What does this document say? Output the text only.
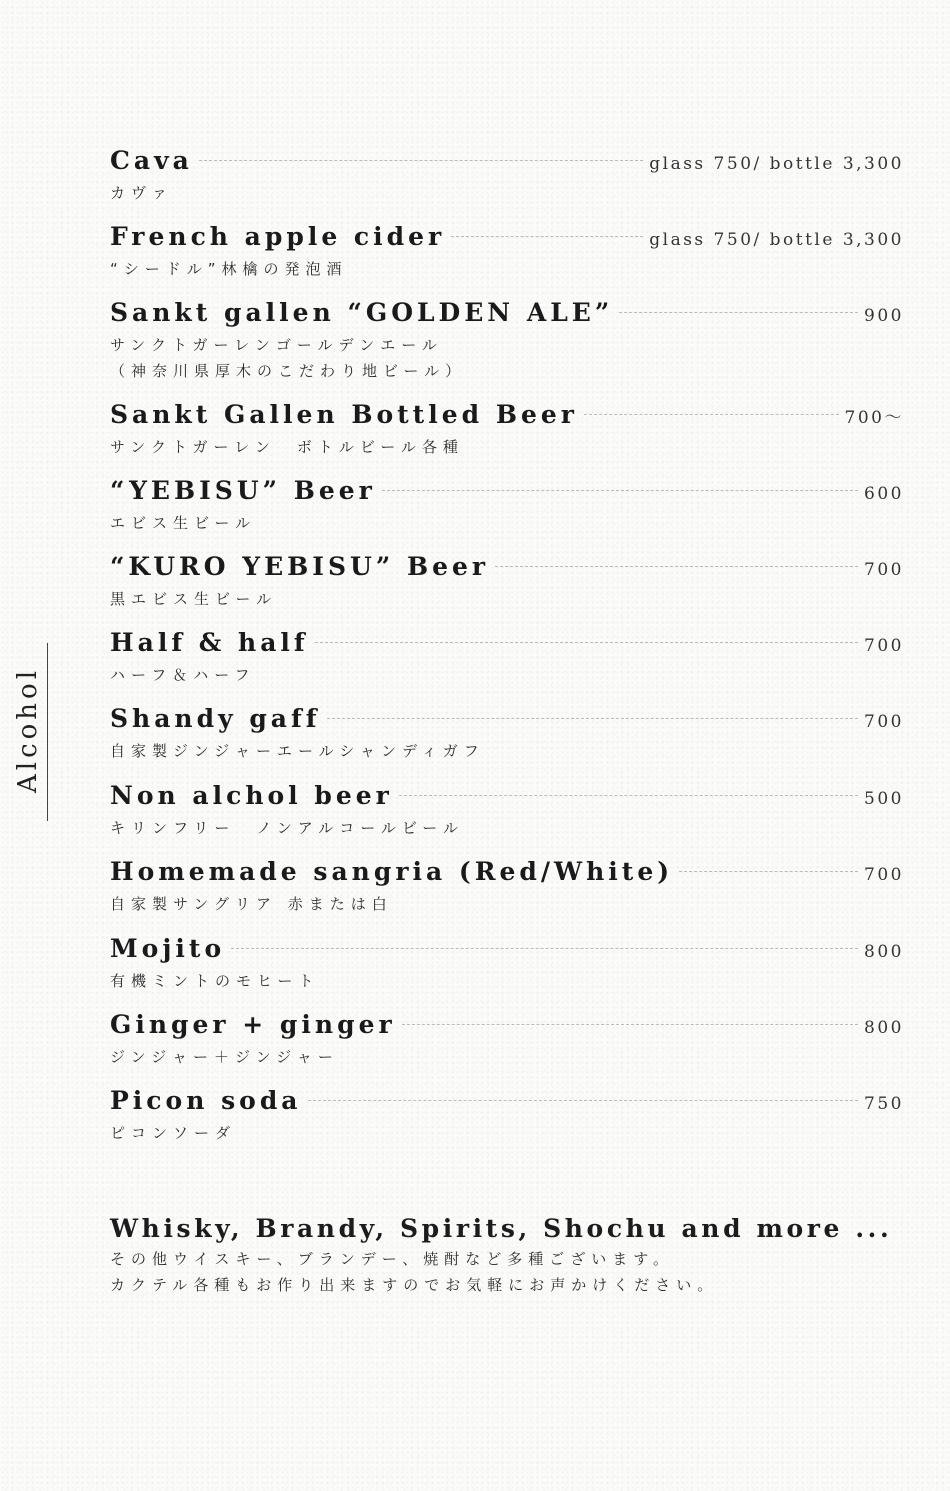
Alcohol
Cava	glass 750/ bottle 3,300
カヴァ
French apple cider	glass 750/ bottle 3,300
“シードル”林檎の発泡酒
Sankt gallen “GOLDEN ALE”	900
サンクトガーレンゴールデンエール
（神奈川県厚木のこだわり地ビール）
Sankt Gallen Bottled Beer	700〜
サンクトガーレン　ボトルビール各種
“YEBISU” Beer	600
エビス生ビール
“KURO YEBISU” Beer	700
黒エビス生ビール
Half & half	700
ハーフ＆ハーフ
Shandy gaff	700
自家製ジンジャーエールシャンディガフ
Non alchol beer	500
キリンフリー　ノンアルコールビール
Homemade sangria (Red/White)	700
自家製サングリア 赤または白
Mojito	800
有機ミントのモヒート
Ginger + ginger	800
ジンジャー＋ジンジャー
Picon soda	750
ピコンソーダ
Whisky, Brandy, Spirits, Shochu and more ...
その他ウイスキー、ブランデー、焼酎など多種ございます。
カクテル各種もお作り出来ますのでお気軽にお声かけください。
